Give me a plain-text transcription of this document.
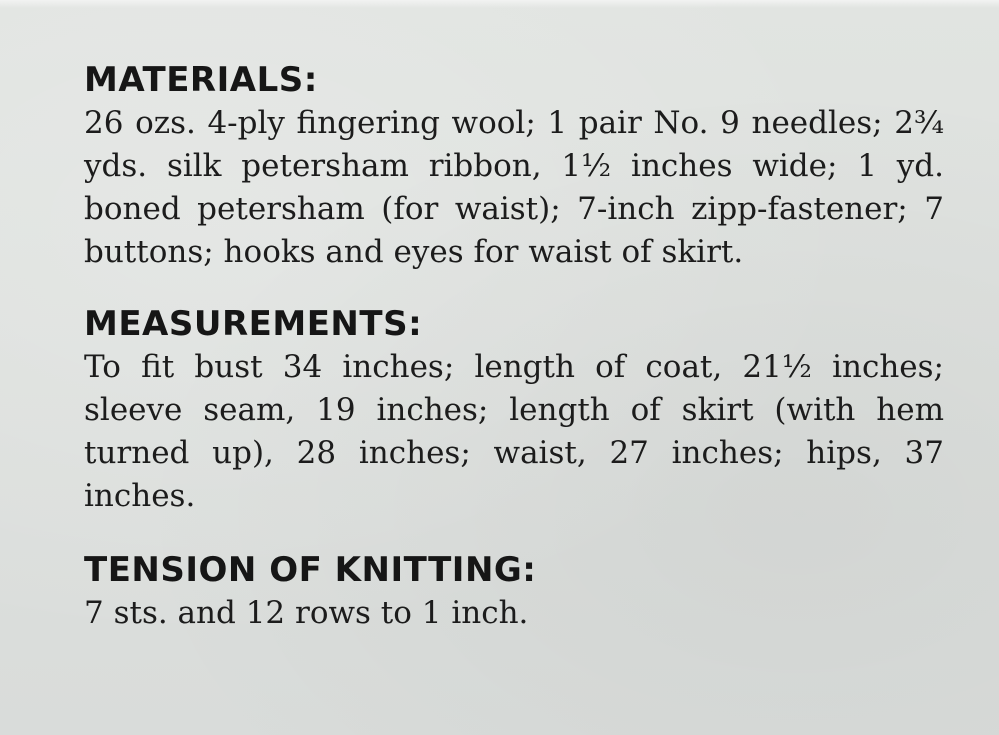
MATERIALS:

26 ozs. 4-ply fingering wool; 1 pair No. 9 needles; 2¾ yds. silk petersham ribbon, 1½ inches wide; 1 yd. boned petersham (for waist); 7-inch zipp-fastener; 7 buttons; hooks and eyes for waist of skirt.

MEASUREMENTS:

To fit bust 34 inches; length of coat, 21½ inches; sleeve seam, 19 inches; length of skirt (with hem turned up), 28 inches; waist, 27 inches; hips, 37 inches.

TENSION OF KNITTING:

7 sts. and 12 rows to 1 inch.
